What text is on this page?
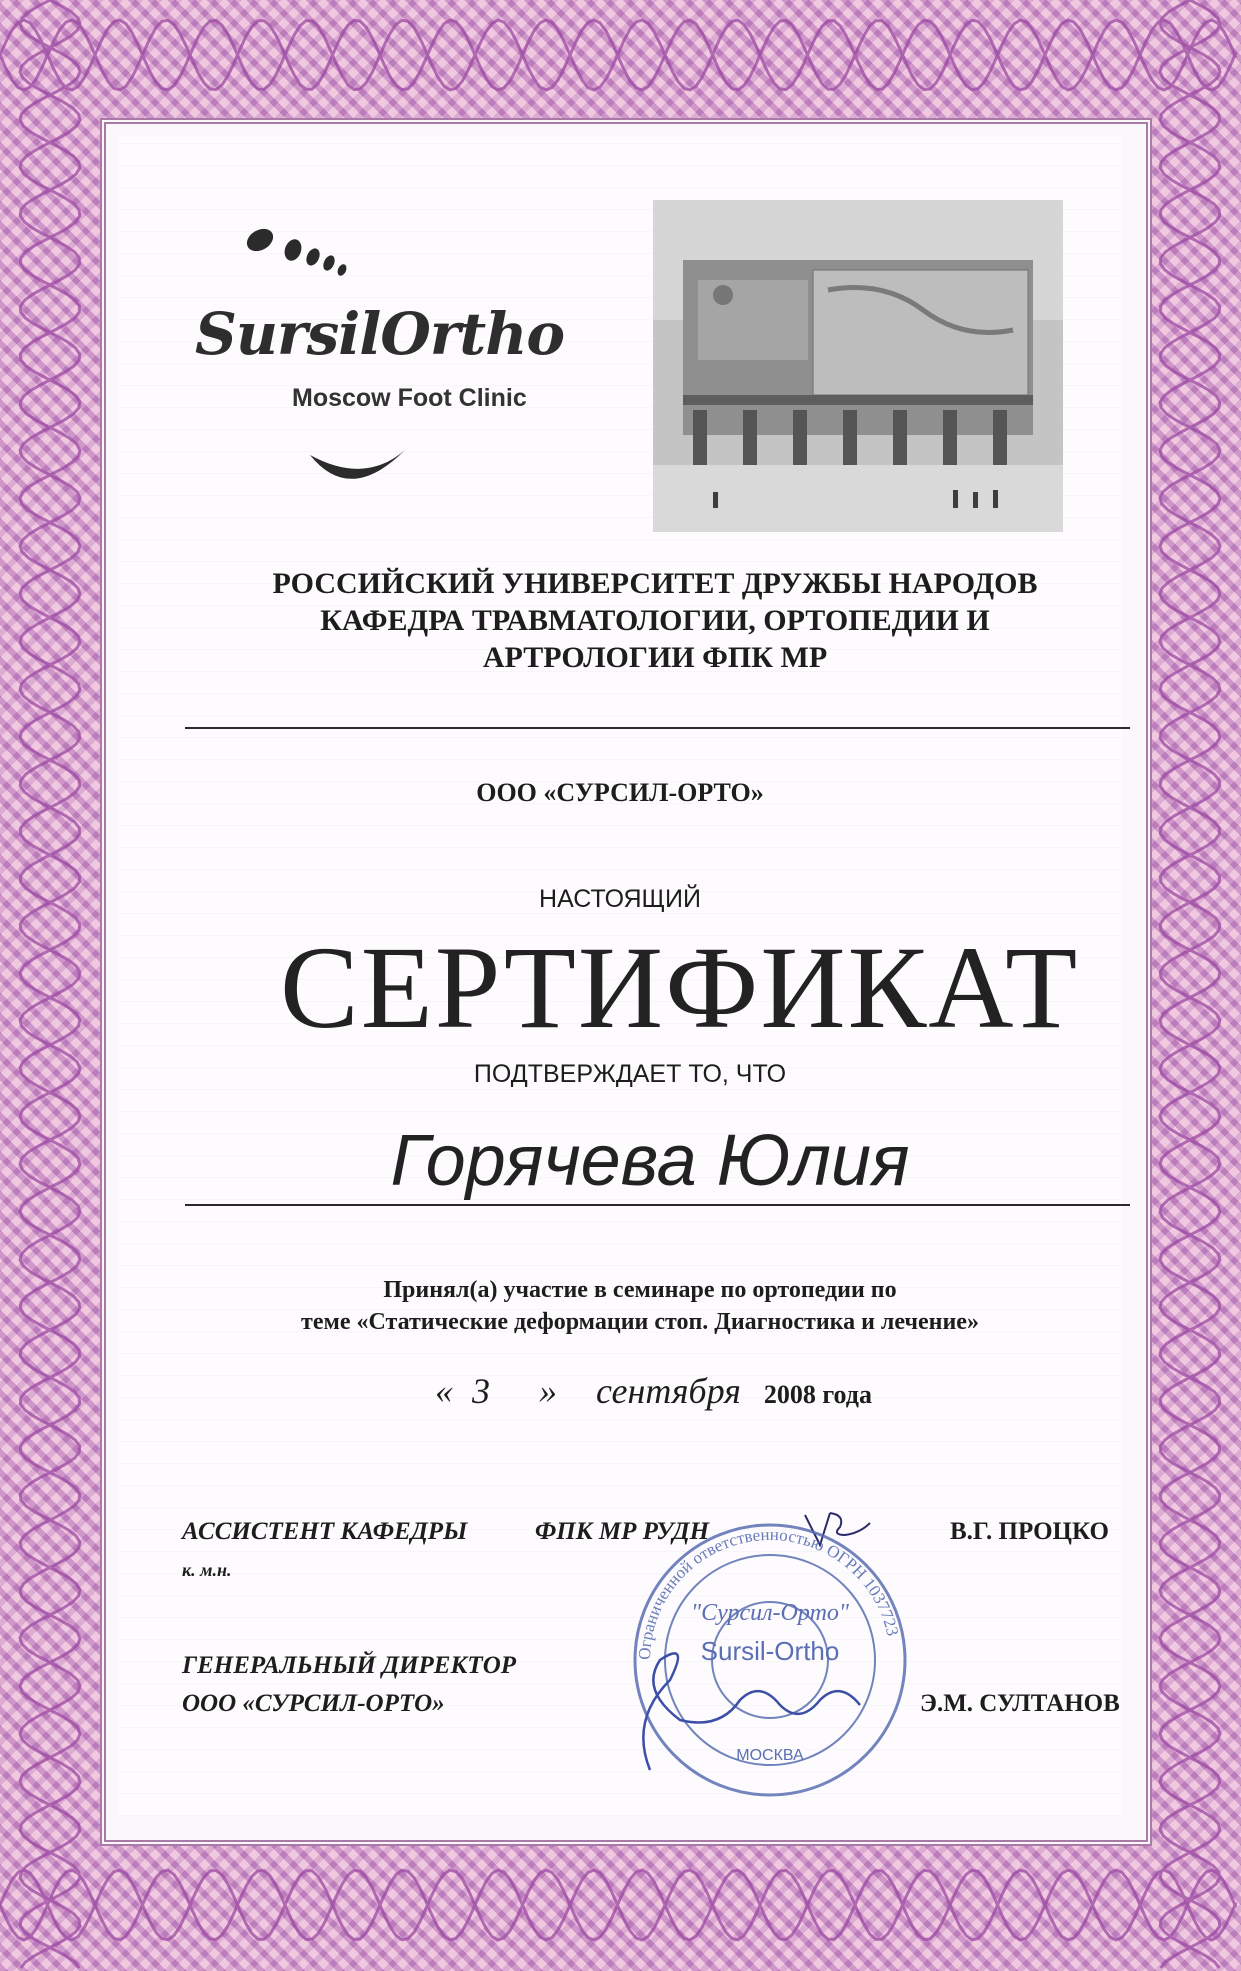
SursilOrtho
Moscow Foot Clinic
РОССИЙСКИЙ УНИВЕРСИТЕТ ДРУЖБЫ НАРОДОВ
КАФЕДРА ТРАВМАТОЛОГИИ, ОРТОПЕДИИ И
АРТРОЛОГИИ ФПК МР
ООО «СУРСИЛ-ОРТО»
НАСТОЯЩИЙ
СЕРТИФИКАТ
ПОДТВЕРЖДАЕТ ТО, ЧТО
Горячева Юлия
Принял(а) участие в семинаре по ортопедии по
теме «Статические деформации стоп. Диагностика и лечение»
« 3 » сентября 2008 года
АССИСТЕНТ КАФЕДРЫ	ФПК МР РУДН
к. м.н.
В.Г. ПРОЦКО
ГЕНЕРАЛЬНЫЙ ДИРЕКТОР
ООО «СУРСИЛ-ОРТО»	Э.М. СУЛТАНОВ
Ограниченной ответственностью ОГРН 1037723
"Сурсил-Орто"
Sursil-Ortho
МОСКВА
